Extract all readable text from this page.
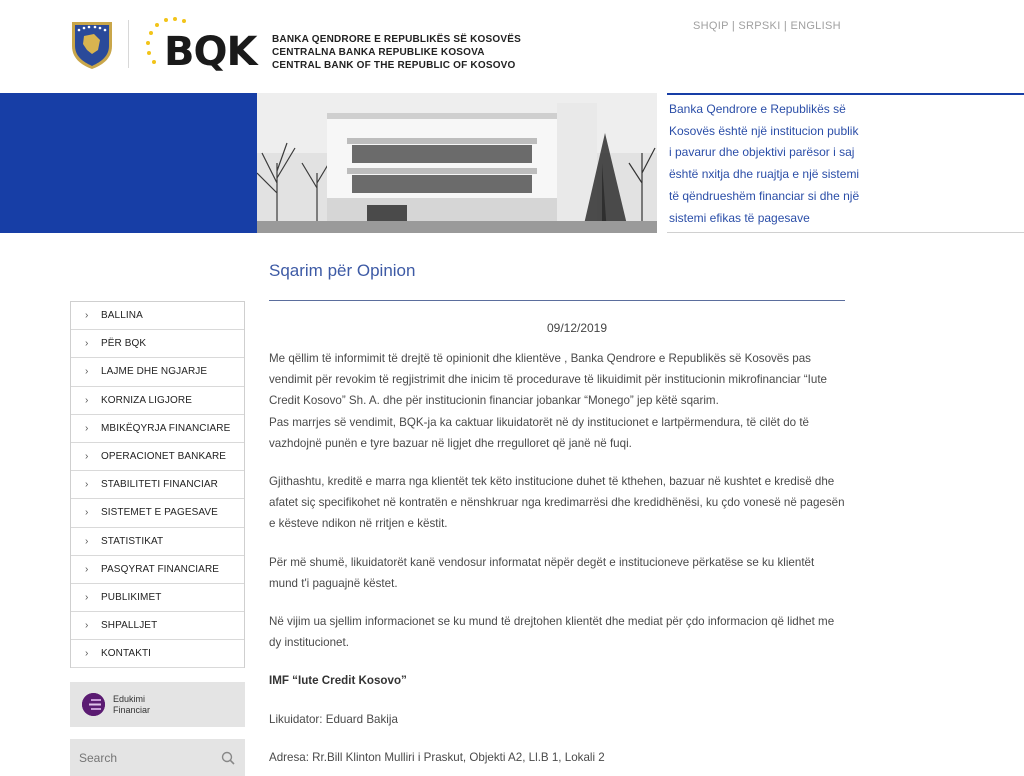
BQK BANKA QENDRORE E REPUBLIKËS SË KOSOVËS
CENTRALNA BANKA REPUBLIKE KOSOVA
CENTRAL BANK OF THE REPUBLIC OF KOSOVO
SHQIP | SRPSKI | ENGLISH
Banka Qendrore e Republikës së Kosovës është një institucion publik i pavarur dhe objektivi parësor i saj është nxitja dhe ruajtja e një sistemi të qëndrueshëm financiar si dhe një sistemi efikas të pagesave
›	BALLINA
›	PËR BQK
›	LAJME DHE NGJARJE
›	KORNIZA LIGJORE
›	MBIKËQYRJA FINANCIARE
›	OPERACIONET BANKARE
›	STABILITETI FINANCIAR
›	SISTEMET E PAGESAVE
›	STATISTIKAT
›	PASQYRAT FINANCIARE
›	PUBLIKIMET
›	SHPALLJET
›	KONTAKTI
Edukimi
Financiar
Search
Sqarim për Opinion
09/12/2019
Me qëllim të informimit të drejtë të opinionit dhe klientëve , Banka Qendrore e Republikës së Kosovës pas vendimit për revokim të regjistrimit dhe inicim të procedurave të likuidimit për institucionin mikrofinanciar “Iute Credit Kosovo” Sh. A. dhe për institucionin financiar jobankar “Monego” jep këtë sqarim.
Pas marrjes së vendimit, BQK-ja ka caktuar likuidatorët në dy institucionet e lartpërmendura, të cilët do të vazhdojnë punën e tyre bazuar në ligjet dhe rregulloret që janë në fuqi.

Gjithashtu, kreditë e marra nga klientët tek këto institucione duhet të kthehen, bazuar në kushtet e kredisë dhe afatet siç specifikohet në kontratën e nënshkruar nga kredimarrësi dhe kredidhënësi, ku çdo vonesë në pagesën e kësteve ndikon në rritjen e këstit.

Për më shumë, likuidatorët kanë vendosur informatat nëpër degët e institucioneve përkatëse se ku klientët mund t'i paguajnë këstet.

Në vijim ua sjellim informacionet se ku mund të drejtohen klientët dhe mediat për çdo informacion që lidhet me dy institucionet.

IMF “Iute Credit Kosovo”

Likuidator: Eduard Bakija

Adresa: Rr.Bill Klinton Mulliri i Praskut, Objekti A2, Ll.B 1, Lokali 2
